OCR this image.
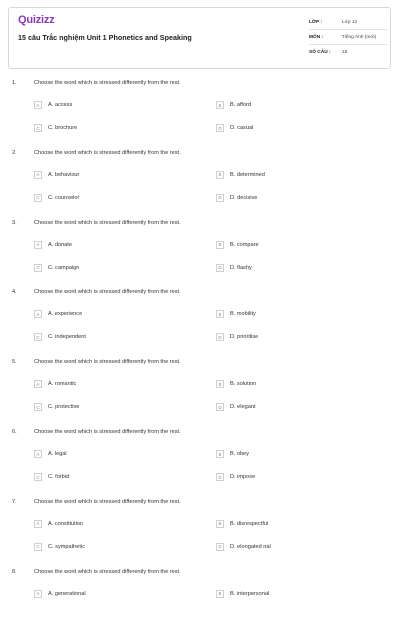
Quizizz
15 câu Trắc nghiệm Unit 1 Phonetics and Speaking
LỚP :	Lớp 12
MÔN :	Tiếng Anh (mới)
SỐ CÂU :	15
1.	Choose the word which is stressed differently from the rest.
A	A. access	B	B. afford
C	C. brochure	D	D. casual
2.	Choose the word which is stressed differently from the rest.
A	A. behaviour	B	B. determined
C	C. counselor	D	D. decisive
3.	Choose the word which is stressed differently from the rest.
A	A. donate	B	B. compare
C	C. campaign	D	D. flashy
4.	Choose the word which is stressed differently from the rest.
A	A. experience	B	B. mobility
C	C. independent	D	D. prioritise
5.	Choose the word which is stressed differently from the rest.
A	A. romantic	B	B. solution
C	C. protective	D	D. elegant
6.	Choose the word which is stressed differently from the rest.
A	A. legal	B	B. obey
C	C. forbid	D	D. impose
7.	Choose the word which is stressed differently from the rest.
A	A. constitution	B	B. disrespectful
C	C. sympathetic	D	D. elongated nal
8.	Choose the word which is stressed differently from the rest.
A	A. generational	B	B. interpersonal
